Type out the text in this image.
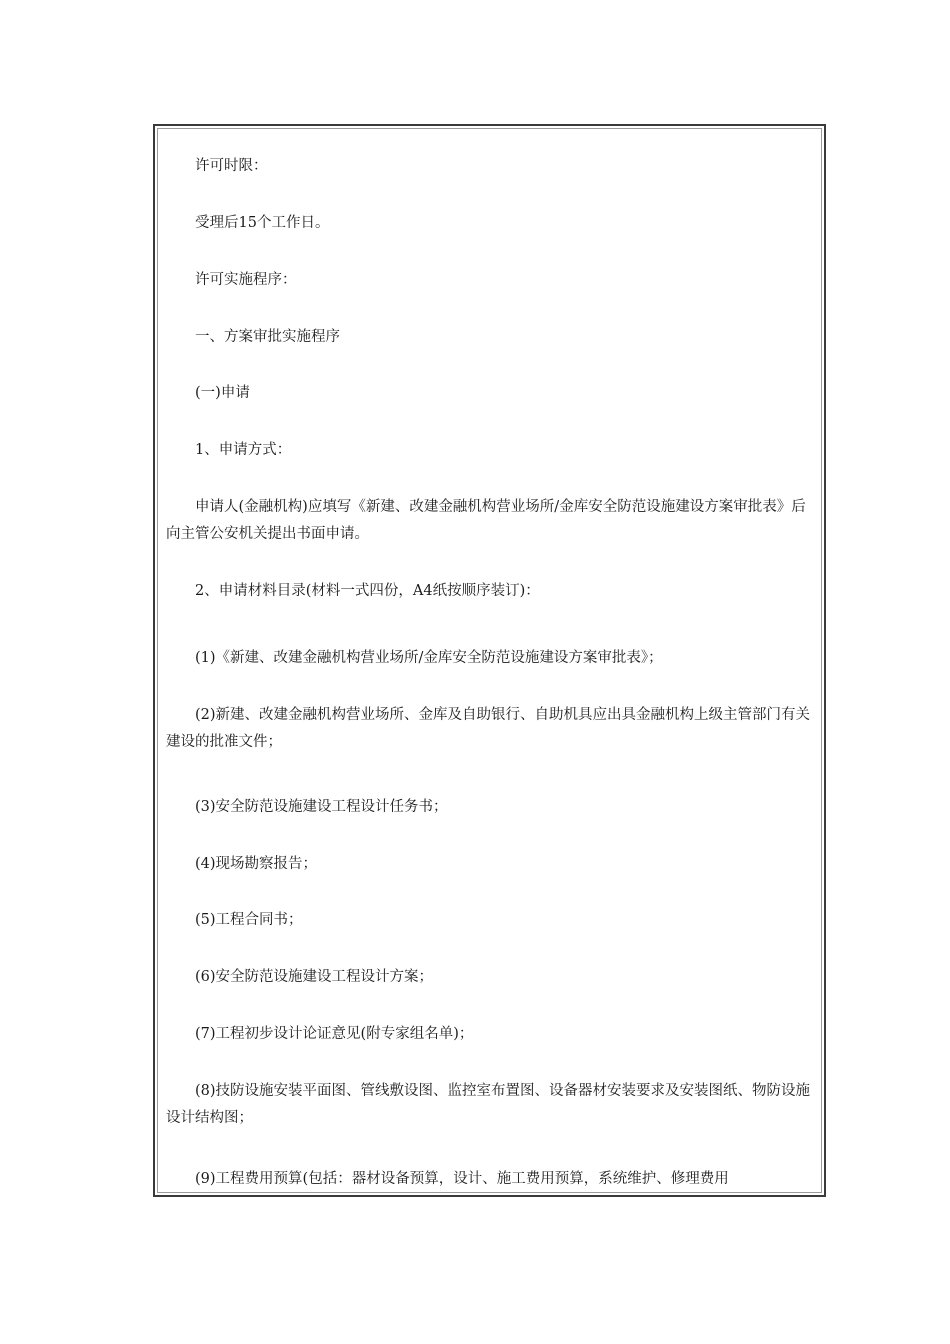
许可时限：

受理后15个工作日。

许可实施程序：

一、方案审批实施程序

(一)申请

1、申请方式：

申请人(金融机构)应填写《新建、改建金融机构营业场所/金库安全防范设施建设方案审批表》后向主管公安机关提出书面申请。

2、申请材料目录(材料一式四份，A4纸按顺序装订)：

(1)《新建、改建金融机构营业场所/金库安全防范设施建设方案审批表》；

(2)新建、改建金融机构营业场所、金库及自助银行、自助机具应出具金融机构上级主管部门有关建设的批准文件；

(3)安全防范设施建设工程设计任务书；

(4)现场勘察报告；

(5)工程合同书；

(6)安全防范设施建设工程设计方案；

(7)工程初步设计论证意见(附专家组名单)；

(8)技防设施安装平面图、管线敷设图、监控室布置图、设备器材安装要求及安装图纸、物防设施设计结构图；

(9)工程费用预算(包括：器材设备预算，设计、施工费用预算，系统维护、修理费用
